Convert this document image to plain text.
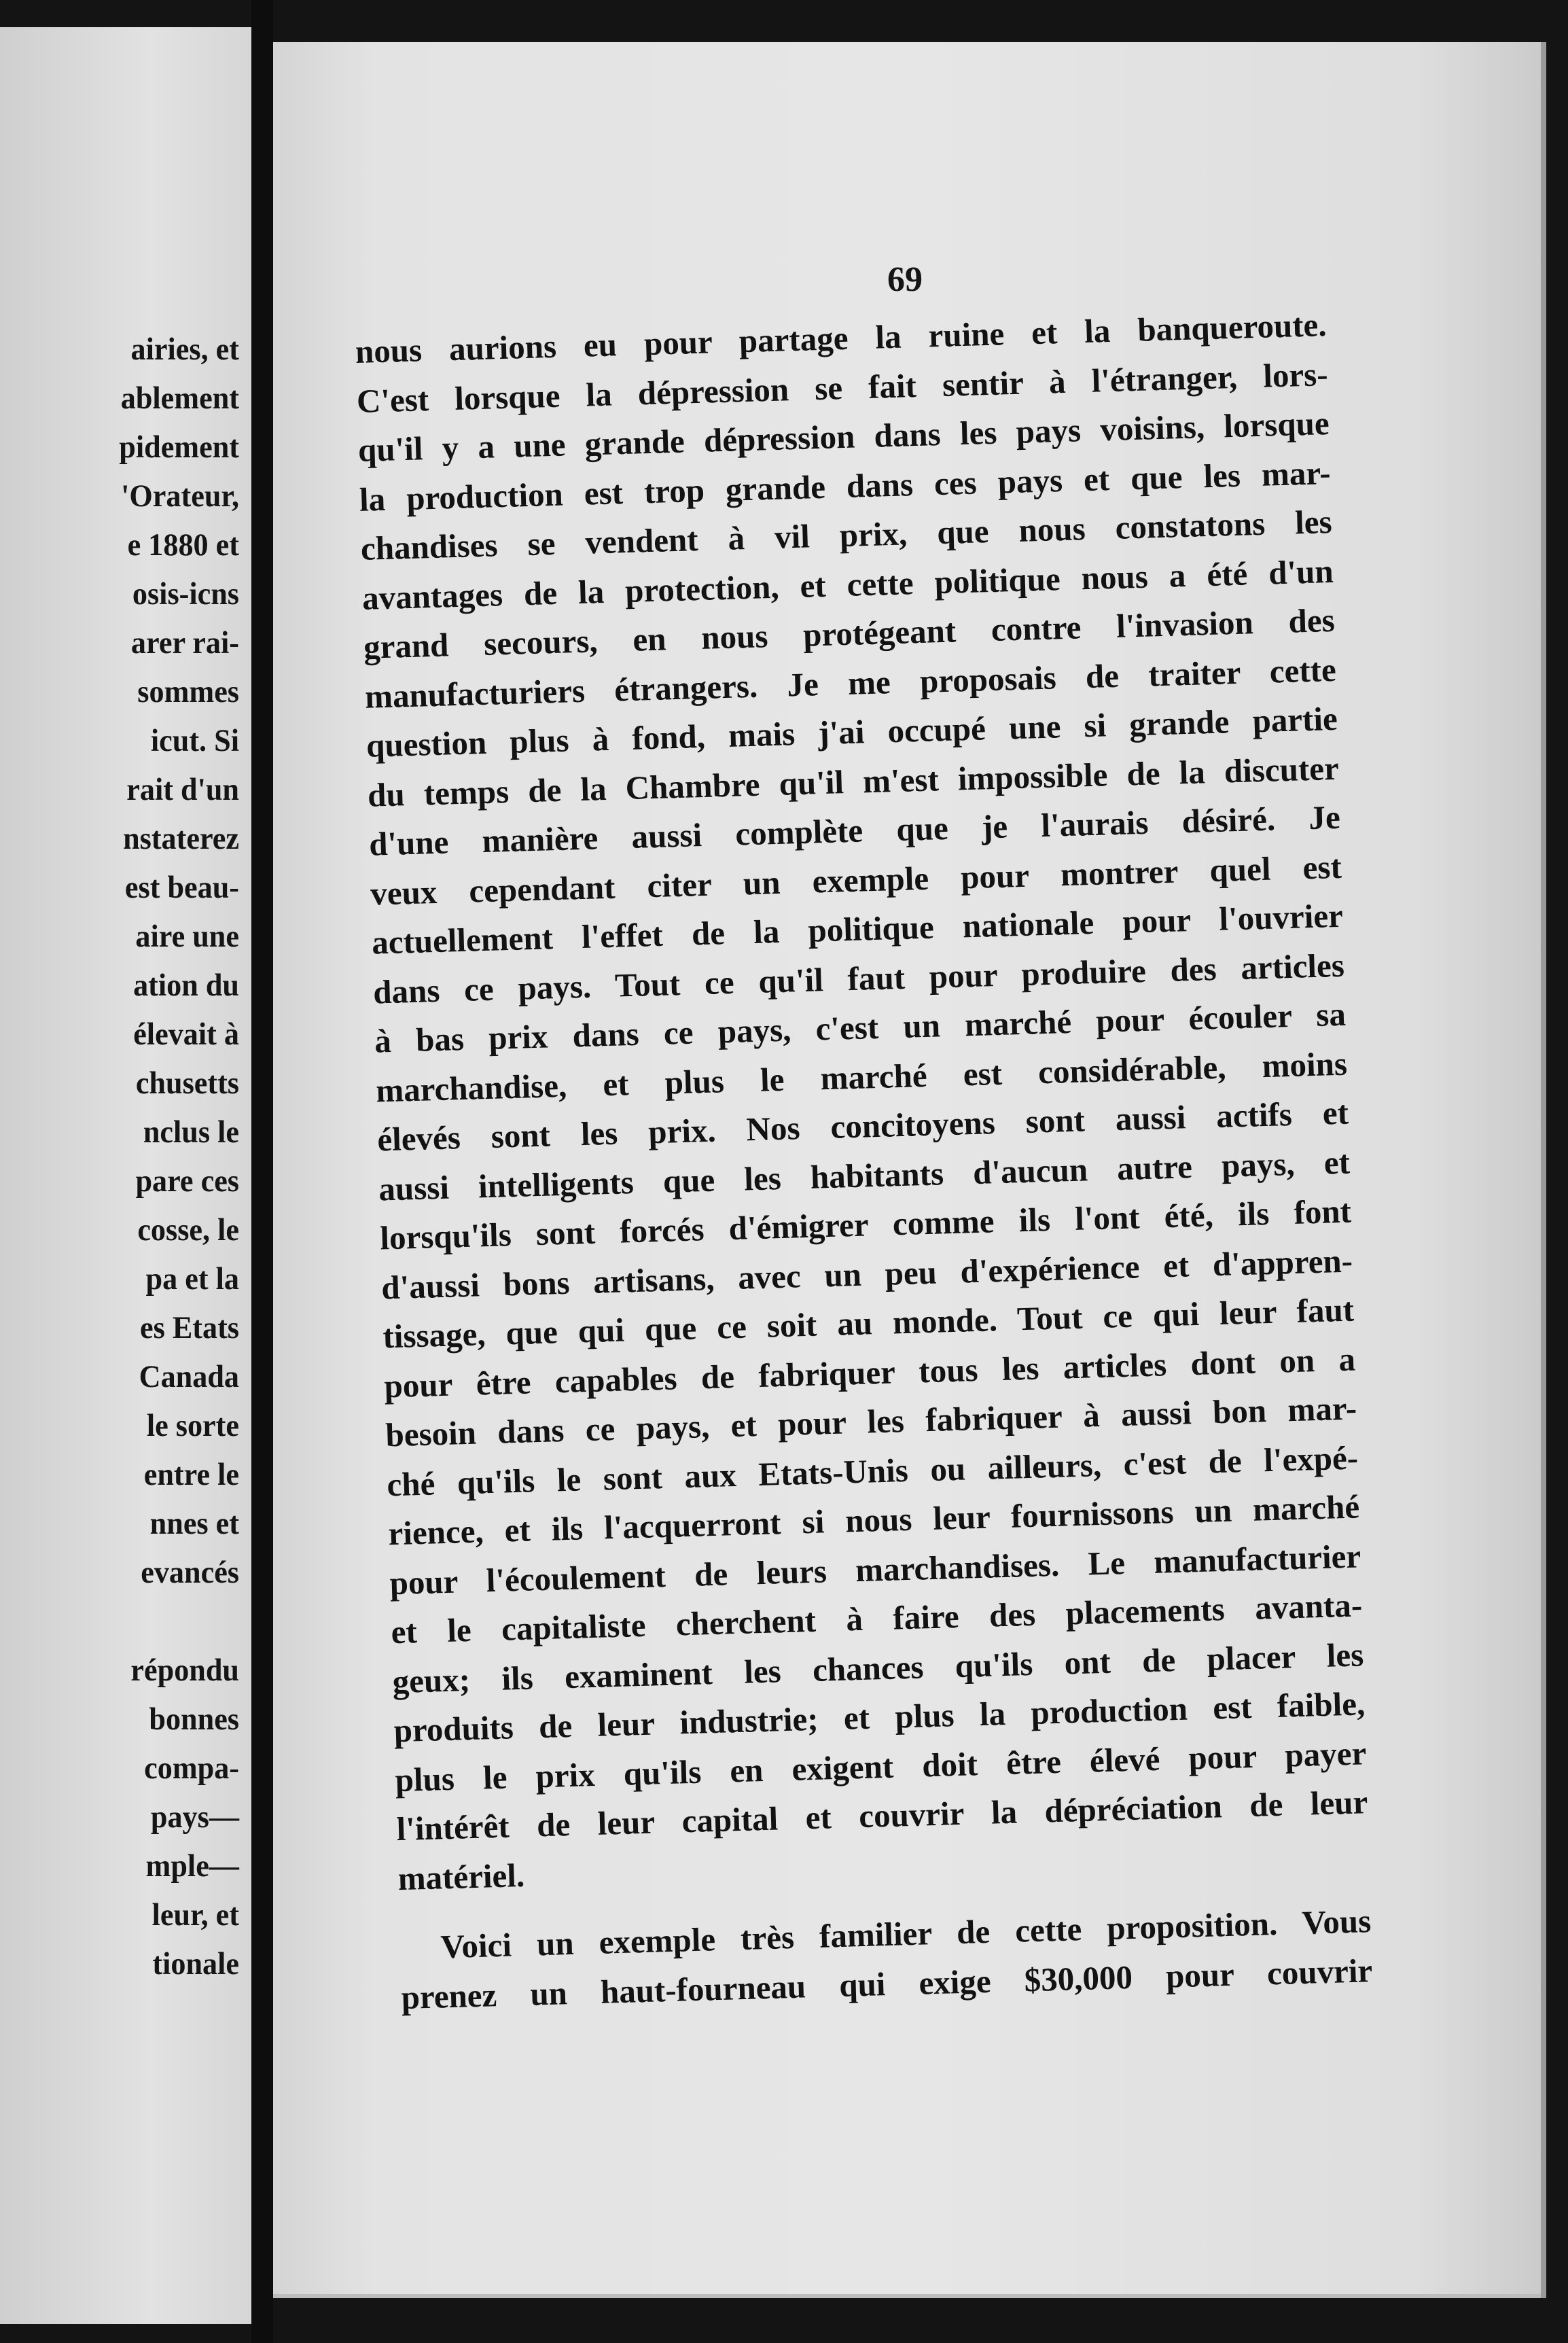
airies, et
ablement
pidement
'Orateur,
e 1880 et
osis-icns
arer rai-
sommes
icut. Si
rait d'un
nstaterez
est beau-
aire une
ation du
élevait à
chusetts
nclus le
pare ces
cosse, le
pa et la
es Etats
Canada
le sorte
entre le
nnes et
evancés
répondu
bonnes
compa-
pays—
mple—
leur, et
tionale
69
nous aurions eu pour partage la ruine et la banqueroute.
C'est lorsque la dépression se fait sentir à l'étranger, lors-
qu'il y a une grande dépression dans les pays voisins, lorsque
la production est trop grande dans ces pays et que les mar-
chandises se vendent à vil prix, que nous constatons les
avantages de la protection, et cette politique nous a été d'un
grand secours, en nous protégeant contre l'invasion des
manufacturiers étrangers. Je me proposais de traiter cette
question plus à fond, mais j'ai occupé une si grande partie
du temps de la Chambre qu'il m'est impossible de la discuter
d'une manière aussi complète que je l'aurais désiré. Je
veux cependant citer un exemple pour montrer quel est
actuellement l'effet de la politique nationale pour l'ouvrier
dans ce pays. Tout ce qu'il faut pour produire des articles
à bas prix dans ce pays, c'est un marché pour écouler sa
marchandise, et plus le marché est considérable, moins
élevés sont les prix. Nos concitoyens sont aussi actifs et
aussi intelligents que les habitants d'aucun autre pays, et
lorsqu'ils sont forcés d'émigrer comme ils l'ont été, ils font
d'aussi bons artisans, avec un peu d'expérience et d'appren-
tissage, que qui que ce soit au monde. Tout ce qui leur faut
pour être capables de fabriquer tous les articles dont on a
besoin dans ce pays, et pour les fabriquer à aussi bon mar-
ché qu'ils le sont aux Etats-Unis ou ailleurs, c'est de l'expé-
rience, et ils l'acquerront si nous leur fournissons un marché
pour l'écoulement de leurs marchandises. Le manufacturier
et le capitaliste cherchent à faire des placements avanta-
geux; ils examinent les chances qu'ils ont de placer les
produits de leur industrie; et plus la production est faible,
plus le prix qu'ils en exigent doit être élevé pour payer
l'intérêt de leur capital et couvrir la dépréciation de leur
matériel.
Voici un exemple très familier de cette proposition. Vous
prenez un haut-fourneau qui exige $30,000 pour couvrir
